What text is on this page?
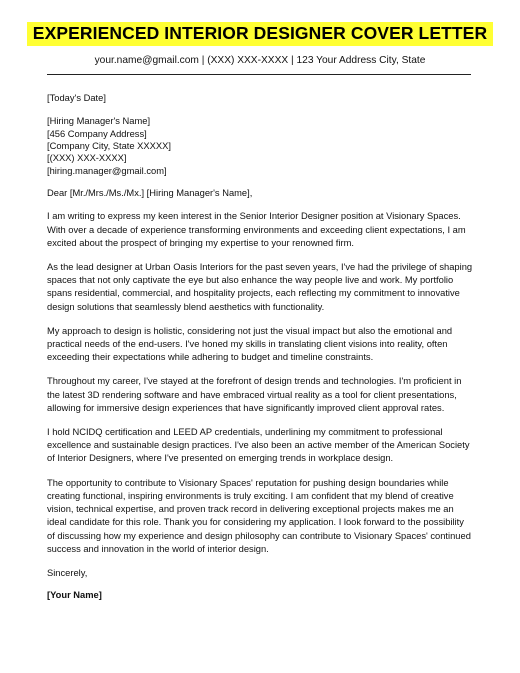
EXPERIENCED INTERIOR DESIGNER COVER LETTER
your.name@gmail.com | (XXX) XXX-XXXX | 123 Your Address City, State
[Today's Date]
[Hiring Manager's Name]
[456 Company Address]
[Company City, State XXXXX]
[(XXX) XXX-XXXX]
[hiring.manager@gmail.com]
Dear [Mr./Mrs./Ms./Mx.] [Hiring Manager's Name],

I am writing to express my keen interest in the Senior Interior Designer position at Visionary Spaces. With over a decade of experience transforming environments and exceeding client expectations, I am excited about the prospect of bringing my expertise to your renowned firm.

As the lead designer at Urban Oasis Interiors for the past seven years, I've had the privilege of shaping spaces that not only captivate the eye but also enhance the way people live and work. My portfolio spans residential, commercial, and hospitality projects, each reflecting my commitment to innovative design solutions that seamlessly blend aesthetics with functionality.

My approach to design is holistic, considering not just the visual impact but also the emotional and practical needs of the end-users. I've honed my skills in translating client visions into reality, often exceeding their expectations while adhering to budget and timeline constraints.

Throughout my career, I've stayed at the forefront of design trends and technologies. I'm proficient in the latest 3D rendering software and have embraced virtual reality as a tool for client presentations, allowing for immersive design experiences that have significantly improved client approval rates.

I hold NCIDQ certification and LEED AP credentials, underlining my commitment to professional excellence and sustainable design practices. I've also been an active member of the American Society of Interior Designers, where I've presented on emerging trends in workplace design.

The opportunity to contribute to Visionary Spaces' reputation for pushing design boundaries while creating functional, inspiring environments is truly exciting. I am confident that my blend of creative vision, technical expertise, and proven track record in delivering exceptional projects makes me an ideal candidate for this role. Thank you for considering my application. I look forward to the possibility of discussing how my experience and design philosophy can contribute to Visionary Spaces' continued success and innovation in the world of interior design.

Sincerely,
[Your Name]
